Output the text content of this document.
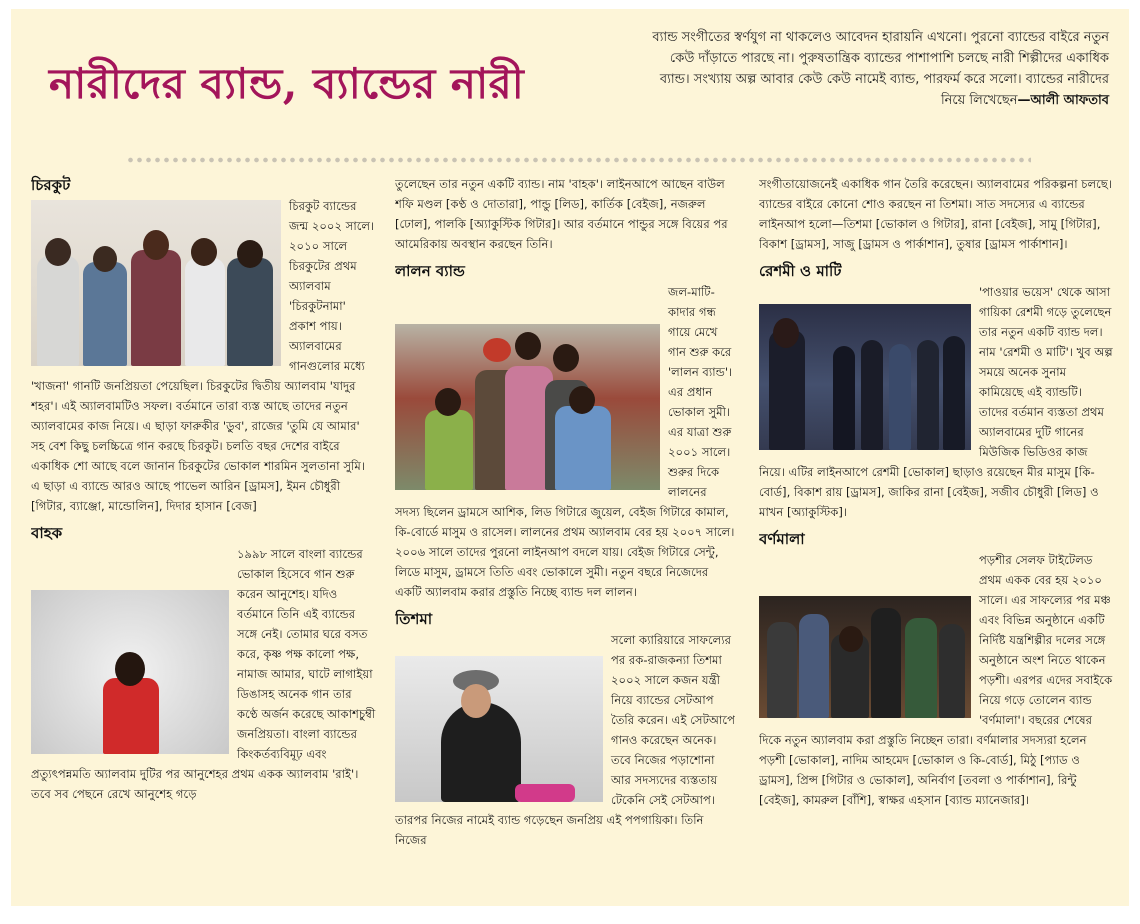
নারীদের ব্যান্ড, ব্যান্ডের নারী
ব্যান্ড সংগীতের স্বর্ণযুগ না থাকলেও আবেদন হারায়নি এখনো। পুরনো ব্যান্ডের বাইরে নতুন কেউ দাঁড়াতে পারছে না। পুরুষতান্ত্রিক ব্যান্ডের পাশাপাশি চলছে নারী শিল্পীদের একাধিক ব্যান্ড। সংখ্যায় অল্প আবার কেউ কেউ নামেই ব্যান্ড, পারফর্ম করে সলো। ব্যান্ডের নারীদের নিয়ে লিখেছেন—আলী আফতাব
চিরকুট

চিরকুট ব্যান্ডের জন্ম ২০০২ সালে। ২০১০ সালে চিরকুটের প্রথম অ্যালবাম 'চিরকুটনামা' প্রকাশ পায়। অ্যালবামের গানগুলোর মধ্যে 'খাজনা' গানটি জনপ্রিয়তা পেয়েছিল। চিরকুটের দ্বিতীয় অ্যালবাম 'যাদুর শহর'। এই অ্যালবামটিও সফল। বর্তমানে তারা ব্যস্ত আছে তাদের নতুন অ্যালবামের কাজ নিয়ে। এ ছাড়া ফারুকীর 'ডুব', রাজের 'তুমি যে আমার' সহ বেশ কিছু চলচ্চিত্রে গান করছে চিরকুট। চলতি বছর দেশের বাইরে একাধিক শো আছে বলে জানান চিরকুটের ভোকাল শারমিন সুলতানা সুমি। এ ছাড়া এ ব্যান্ডে আরও আছে পাভেল আরিন [ড্রামস], ইমন চৌধুরী [গিটার, ব্যাঞ্জো, মান্ডোলিন], দিদার হাসান [বেজ]

বাহক

১৯৯৮ সালে বাংলা ব্যান্ডের ভোকাল হিসেবে গান শুরু করেন আনুশেহ। যদিও বর্তমানে তিনি এই ব্যান্ডের সঙ্গে নেই। তোমার ঘরে বসত করে, কৃষ্ণ পক্ষ কালো পক্ষ, নামাজ আমার, ঘাটে লাগাইয়া ডিঙাসহ অনেক গান তার কণ্ঠে অর্জন করেছে আকাশচুম্বী জনপ্রিয়তা। বাংলা ব্যান্ডের কিংকর্তব্যবিমূঢ় এবং প্রত্যুৎপন্নমতি অ্যালবাম দুটির পর আনুশেহর প্রথম একক অ্যালবাম 'রাই'। তবে সব পেছনে রেখে আনুশেহ গড়ে

তুলেছেন তার নতুন একটি ব্যান্ড। নাম 'বাহক'। লাইনআপে আছেন বাউল শফি মণ্ডল [কণ্ঠ ও দোতারা], পান্ডু [লিড], কার্তিক [বেইজ], নজরুল [ঢোল], পালকি [অ্যাকুস্টিক গিটার]। আর বর্তমানে পান্ডুর সঙ্গে বিয়ের পর আমেরিকায় অবস্থান করছেন তিনি।

লালন ব্যান্ড

জল-মাটি-কাদার গন্ধ গায়ে মেখে গান শুরু করে 'লালন ব্যান্ড'। এর প্রধান ভোকাল সুমী। এর যাত্রা শুরু ২০০১ সালে। শুরুর দিকে লালনের সদস্য ছিলেন ড্রামসে আশিক, লিড গিটারে জুয়েল, বেইজ গিটারে কামাল, কি-বোর্ডে মাসুম ও রাসেল। লালনের প্রথম অ্যালবাম বের হয় ২০০৭ সালে। ২০০৬ সালে তাদের পুরনো লাইনআপ বদলে যায়। বেইজ গিটারে সেন্টু, লিডে মাসুম, ড্রামসে তিতি এবং ভোকালে সুমী। নতুন বছরে নিজেদের একটি অ্যালবাম করার প্রস্তুতি নিচ্ছে ব্যান্ড দল লালন।

তিশমা

সলো ক্যারিয়ারে সাফল্যের পর রক-রাজকন্যা তিশমা ২০০২ সালে কজন যন্ত্রী নিয়ে ব্যান্ডের সেটআপ তৈরি করেন। এই সেটআপে গানও করেছেন অনেক। তবে নিজের পড়াশোনা আর সদস্যদের ব্যস্ততায় টেকেনি সেই সেটআপ। তারপর নিজের নামেই ব্যান্ড গড়েছেন জনপ্রিয় এই পপগায়িকা। তিনি নিজের

সংগীতায়োজনেই একাধিক গান তৈরি করেছেন। অ্যালবামের পরিকল্পনা চলছে। ব্যান্ডের বাইরে কোনো শোও করছেন না তিশমা। সাত সদস্যের এ ব্যান্ডের লাইনআপ হলো—তিশমা [ভোকাল ও গিটার], রানা [বেইজ], সামু [গিটার], বিকাশ [ড্রামস], সাজু [ড্রামস ও পার্কাশান], তুষার [ড্রামস পার্কাশান]।

রেশমী ও মাটি

'পাওয়ার ভয়েস' থেকে আসা গায়িকা রেশমী গড়ে তুলেছেন তার নতুন একটি ব্যান্ড দল। নাম 'রেশমী ও মাটি'। খুব অল্প সময়ে অনেক সুনাম কামিয়েছে এই ব্যান্ডটি। তাদের বর্তমান ব্যস্ততা প্রথম অ্যালবামের দুটি গানের মিউজিক ভিডিওর কাজ নিয়ে। এটির লাইনআপে রেশমী [ভোকাল] ছাড়াও রয়েছেন মীর মাসুম [কি-বোর্ড], বিকাশ রায় [ড্রামস], জাকির রানা [বেইজ], সজীব চৌধুরী [লিড] ও মাখন [অ্যাকুস্টিক]।

বর্ণমালা

পড়শীর সেলফ টাইটেলড প্রথম একক বের হয় ২০১০ সালে। এর সাফল্যের পর মঞ্চ এবং বিভিন্ন অনুষ্ঠানে একটি নির্দিষ্ট যন্ত্রশিল্পীর দলের সঙ্গে অনুষ্ঠানে অংশ নিতে থাকেন পড়শী। এরপর এদের সবাইকে নিয়ে গড়ে তোলেন ব্যান্ড 'বর্ণমালা'। বছরের শেষের দিকে নতুন অ্যালবাম করা প্রস্তুতি নিচ্ছেন তারা। বর্ণমালার সদস্যরা হলেন পড়শী [ভোকাল], নাদিম আহমেদ [ভোকাল ও কি-বোর্ড], মিঠু [প্যাড ও ড্রামস], প্রিন্স [গিটার ও ভোকাল], অনির্বাণ [তবলা ও পার্কাশান], রিন্টু [বেইজ], কামরুল [বাঁশি], স্বাক্ষর এহসান [ব্যান্ড ম্যানেজার]।
